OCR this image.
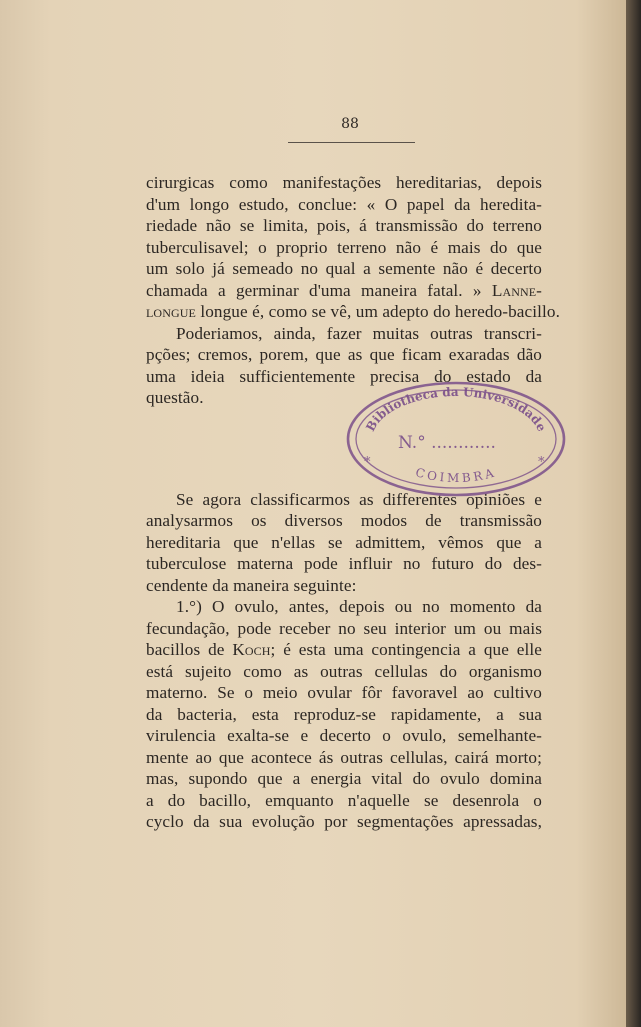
88
cirurgicas como manifestações hereditarias, depois
d'um longo estudo, conclue: « O papel da heredita-
riedade não se limita, pois, á transmissão do terreno
tuberculisavel; o proprio terreno não é mais do que
um solo já semeado no qual a semente não é decerto
chamada a germinar d'uma maneira fatal. » Lanne-
longue longue é, como se vê, um adepto do heredo-bacillo.
Poderiamos, ainda, fazer muitas outras transcri-
pções; cremos, porem, que as que ficam exaradas dão
uma ideia sufficientemente precisa do estado da
questão.
Se agora classificarmos as differentes opiniões e
analysarmos os diversos modos de transmissão
hereditaria que n'ellas se admittem, vêmos que a
tuberculose materna pode influir no futuro do des-
cendente da maneira seguinte:
1.°) O ovulo, antes, depois ou no momento da
fecundação, pode receber no seu interior um ou mais
bacillos de Koch; é esta uma contingencia a que elle
está sujeito como as outras cellulas do organismo
materno. Se o meio ovular fôr favoravel ao cultivo
da bacteria, esta reproduz-se rapidamente, a sua
virulencia exalta-se e decerto o ovulo, semelhante-
mente ao que acontece ás outras cellulas, cairá morto;
mas, supondo que a energia vital do ovulo domina
a do bacillo, emquanto n'aquelle se desenrola o
cyclo da sua evolução por segmentações apressadas,
Bibliotheca da Universidade
N.° ............
*	*
COIMBRA
